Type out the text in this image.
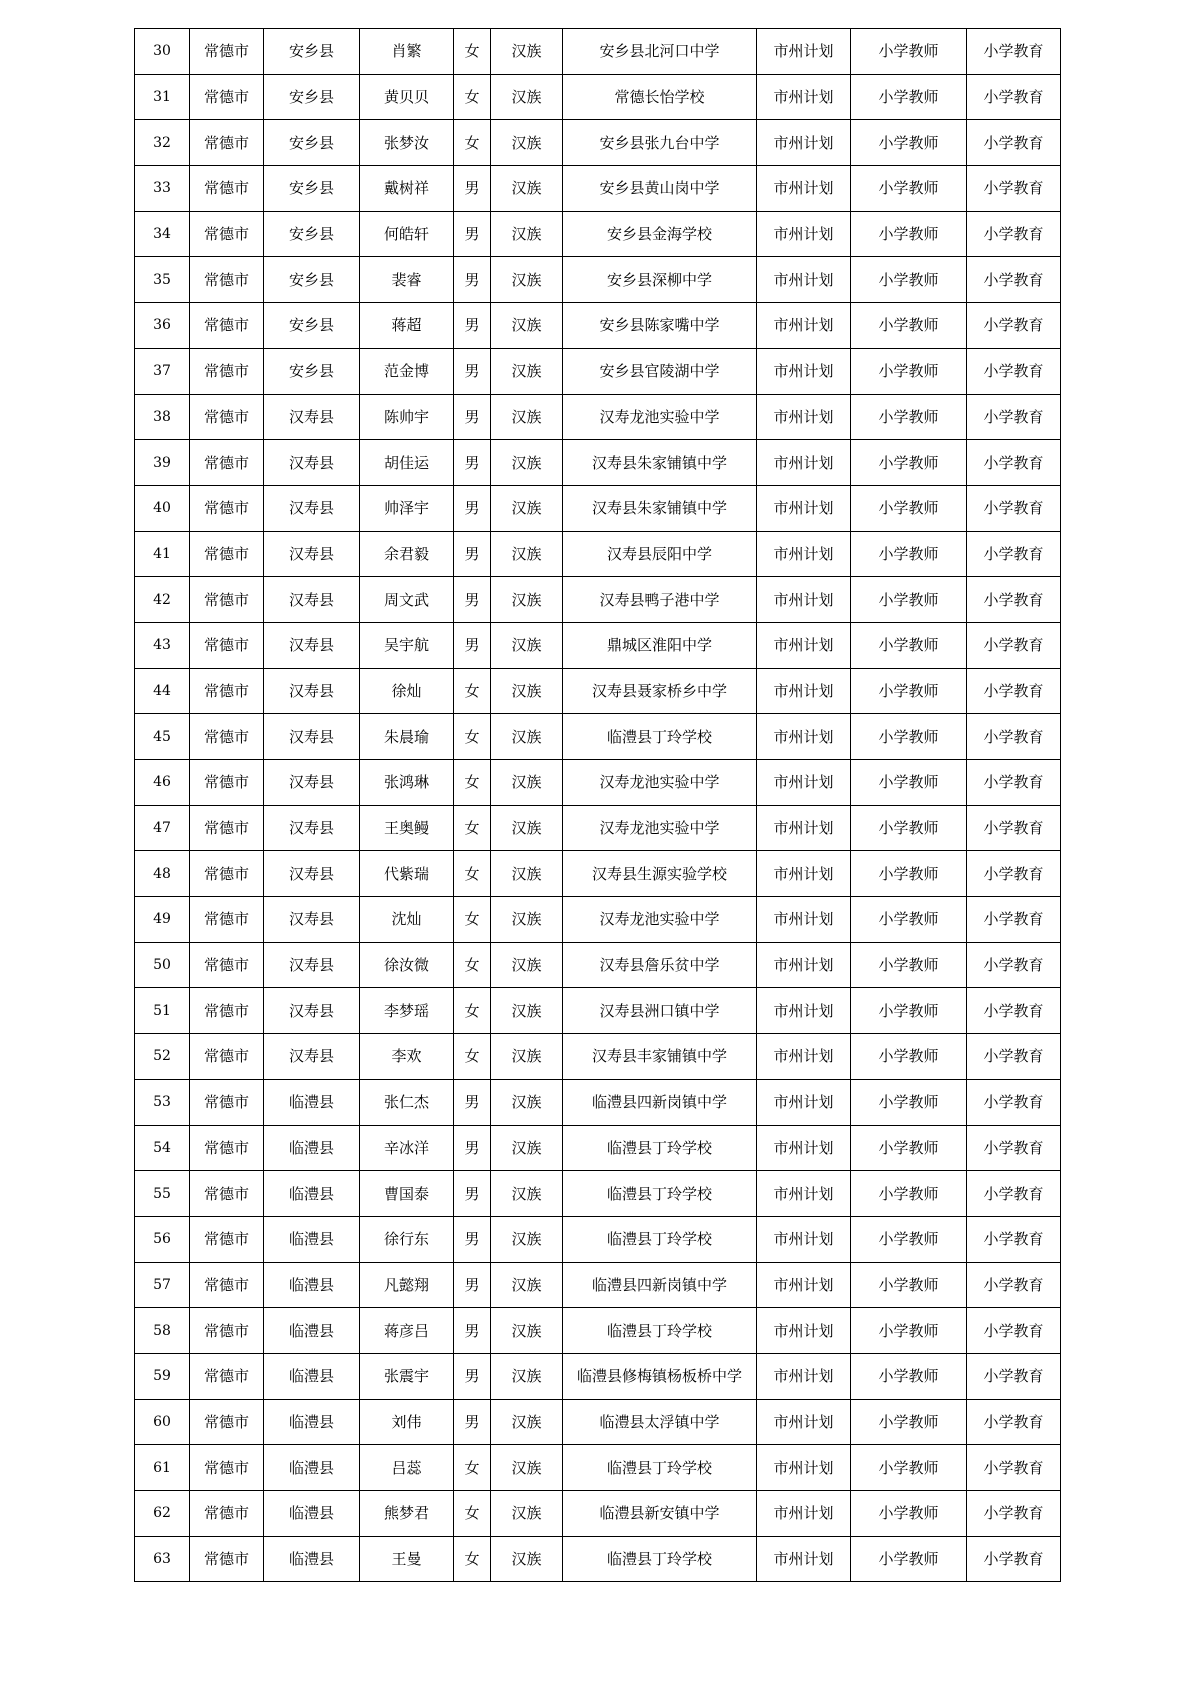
30	常德市	安乡县	肖繁	女	汉族	安乡县北河口中学	市州计划	小学教师	小学教育
31	常德市	安乡县	黄贝贝	女	汉族	常德长怡学校	市州计划	小学教师	小学教育
32	常德市	安乡县	张梦汝	女	汉族	安乡县张九台中学	市州计划	小学教师	小学教育
33	常德市	安乡县	戴树祥	男	汉族	安乡县黄山岗中学	市州计划	小学教师	小学教育
34	常德市	安乡县	何皓轩	男	汉族	安乡县金海学校	市州计划	小学教师	小学教育
35	常德市	安乡县	裴睿	男	汉族	安乡县深柳中学	市州计划	小学教师	小学教育
36	常德市	安乡县	蒋超	男	汉族	安乡县陈家嘴中学	市州计划	小学教师	小学教育
37	常德市	安乡县	范金博	男	汉族	安乡县官陵湖中学	市州计划	小学教师	小学教育
38	常德市	汉寿县	陈帅宇	男	汉族	汉寿龙池实验中学	市州计划	小学教师	小学教育
39	常德市	汉寿县	胡佳运	男	汉族	汉寿县朱家铺镇中学	市州计划	小学教师	小学教育
40	常德市	汉寿县	帅泽宇	男	汉族	汉寿县朱家铺镇中学	市州计划	小学教师	小学教育
41	常德市	汉寿县	余君毅	男	汉族	汉寿县辰阳中学	市州计划	小学教师	小学教育
42	常德市	汉寿县	周文武	男	汉族	汉寿县鸭子港中学	市州计划	小学教师	小学教育
43	常德市	汉寿县	吴宇航	男	汉族	鼎城区淮阳中学	市州计划	小学教师	小学教育
44	常德市	汉寿县	徐灿	女	汉族	汉寿县聂家桥乡中学	市州计划	小学教师	小学教育
45	常德市	汉寿县	朱晨瑜	女	汉族	临澧县丁玲学校	市州计划	小学教师	小学教育
46	常德市	汉寿县	张鸿琳	女	汉族	汉寿龙池实验中学	市州计划	小学教师	小学教育
47	常德市	汉寿县	王奥鳗	女	汉族	汉寿龙池实验中学	市州计划	小学教师	小学教育
48	常德市	汉寿县	代紫瑞	女	汉族	汉寿县生源实验学校	市州计划	小学教师	小学教育
49	常德市	汉寿县	沈灿	女	汉族	汉寿龙池实验中学	市州计划	小学教师	小学教育
50	常德市	汉寿县	徐汝微	女	汉族	汉寿县詹乐贫中学	市州计划	小学教师	小学教育
51	常德市	汉寿县	李梦瑶	女	汉族	汉寿县洲口镇中学	市州计划	小学教师	小学教育
52	常德市	汉寿县	李欢	女	汉族	汉寿县丰家铺镇中学	市州计划	小学教师	小学教育
53	常德市	临澧县	张仁杰	男	汉族	临澧县四新岗镇中学	市州计划	小学教师	小学教育
54	常德市	临澧县	辛冰洋	男	汉族	临澧县丁玲学校	市州计划	小学教师	小学教育
55	常德市	临澧县	曹国泰	男	汉族	临澧县丁玲学校	市州计划	小学教师	小学教育
56	常德市	临澧县	徐行东	男	汉族	临澧县丁玲学校	市州计划	小学教师	小学教育
57	常德市	临澧县	凡懿翔	男	汉族	临澧县四新岗镇中学	市州计划	小学教师	小学教育
58	常德市	临澧县	蒋彦吕	男	汉族	临澧县丁玲学校	市州计划	小学教师	小学教育
59	常德市	临澧县	张震宇	男	汉族	临澧县修梅镇杨板桥中学	市州计划	小学教师	小学教育
60	常德市	临澧县	刘伟	男	汉族	临澧县太浮镇中学	市州计划	小学教师	小学教育
61	常德市	临澧县	吕蕊	女	汉族	临澧县丁玲学校	市州计划	小学教师	小学教育
62	常德市	临澧县	熊梦君	女	汉族	临澧县新安镇中学	市州计划	小学教师	小学教育
63	常德市	临澧县	王曼	女	汉族	临澧县丁玲学校	市州计划	小学教师	小学教育
